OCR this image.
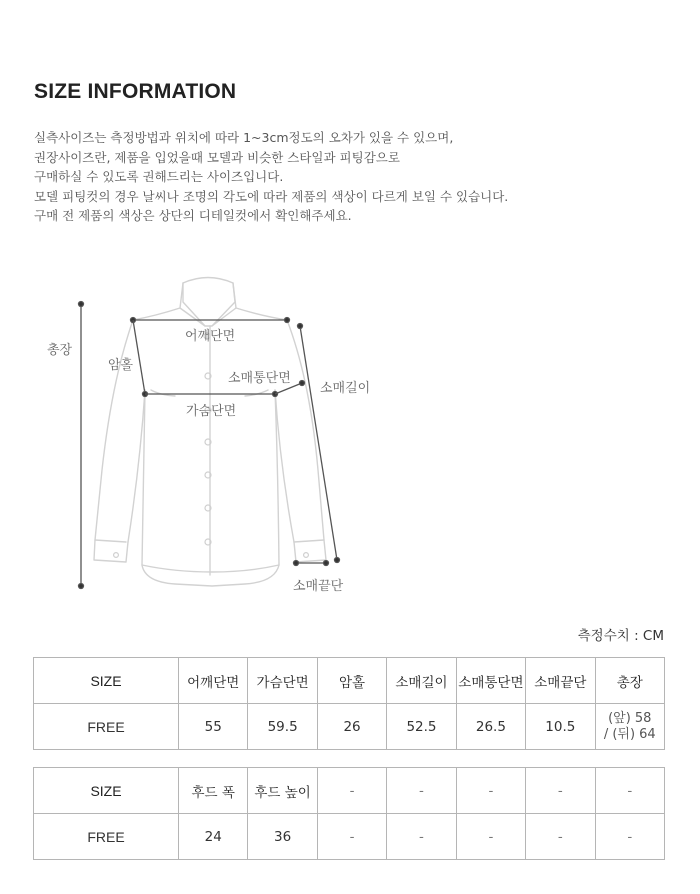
SIZE INFORMATION
실측사이즈는 측정방법과 위치에 따라 1~3cm정도의 오차가 있을 수 있으며,
권장사이즈란, 제품을 입었을때 모델과 비슷한 스타일과 피팅감으로
구매하실 수 있도록 권해드리는 사이즈입니다.
모델 피팅컷의 경우 날씨나 조명의 각도에 따라 제품의 색상이 다르게 보일 수 있습니다.
구매 전 제품의 색상은 상단의 디테일컷에서 확인해주세요.
총장
어깨단면
암홀
소매통단면
소매길이
가슴단면
소매끝단
측정수치 : CM
SIZE	어깨단면	가슴단면	암홀	소매길이	소매통단면	소매끝단	총장
FREE	55	59.5	26	52.5	26.5	10.5	(앞) 58
/ (뒤) 64
SIZE	후드 폭	후드 높이	-	-	-	-	-
FREE	24	36	-	-	-	-	-
